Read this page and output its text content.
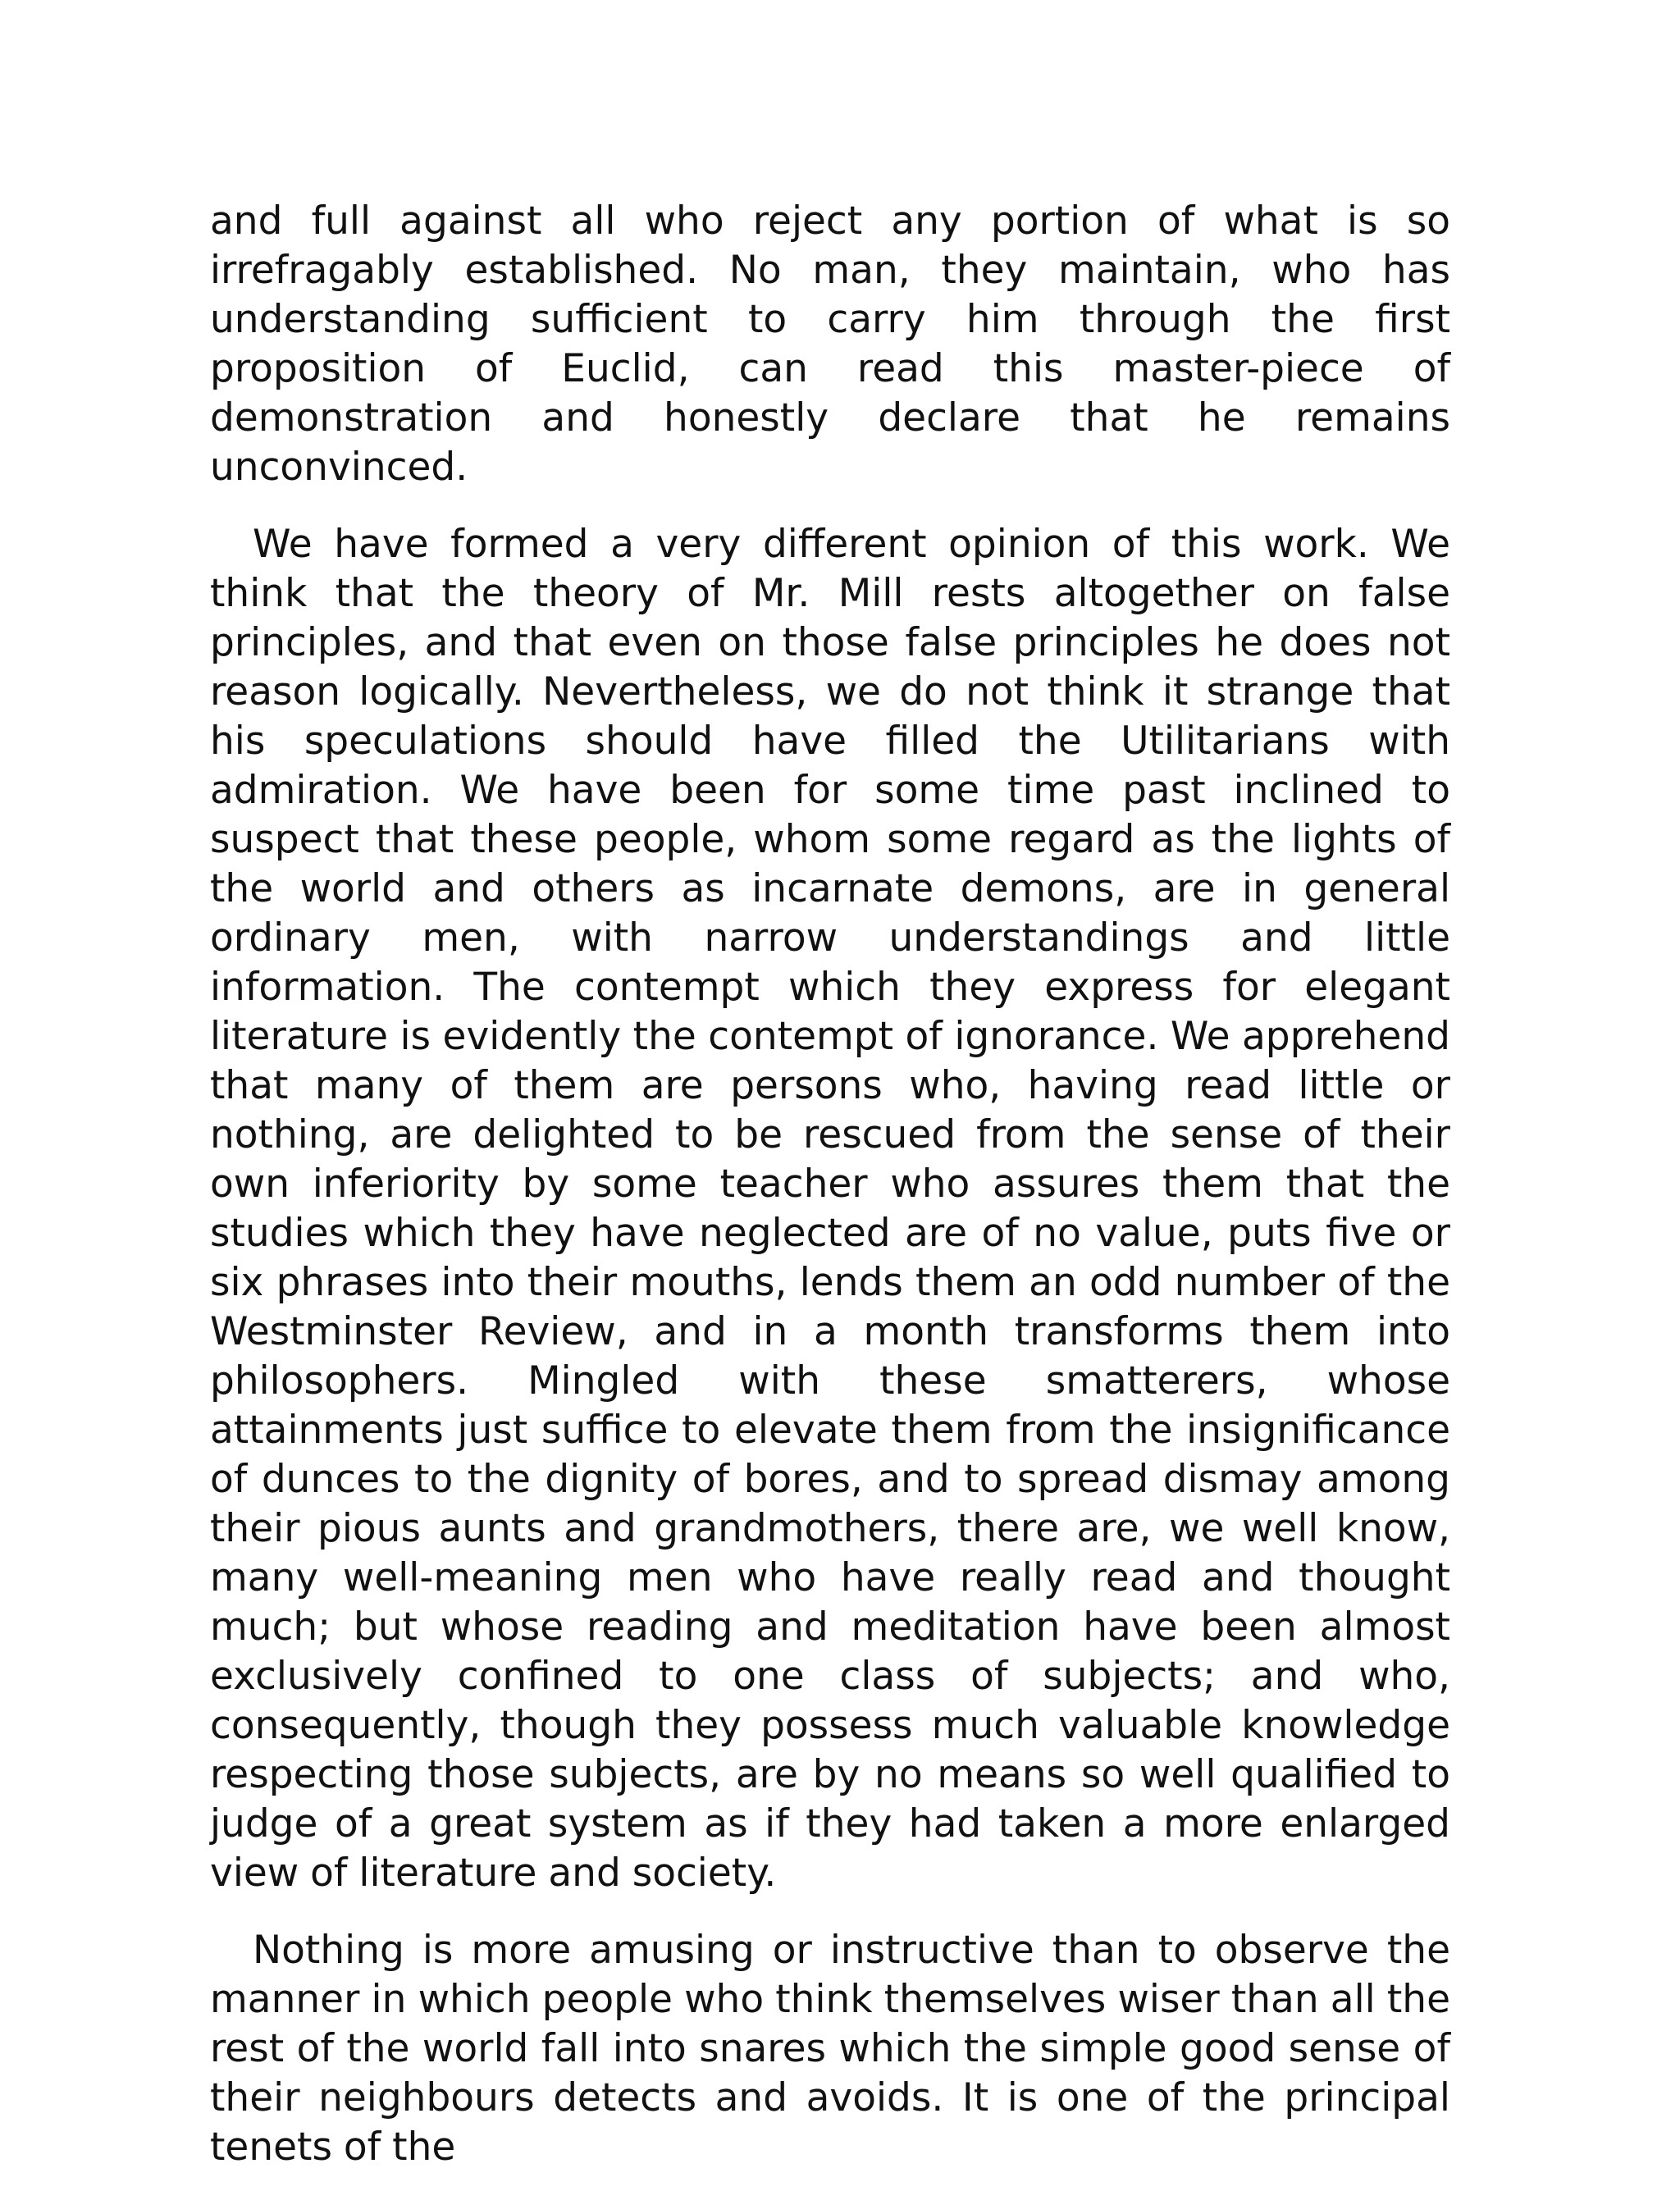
and full against all who reject any portion of what is so irrefragably established. No man, they maintain, who has understanding sufficient to carry him through the first proposition of Euclid, can read this master-piece of demonstration and honestly declare that he remains unconvinced.

We have formed a very different opinion of this work. We think that the theory of Mr. Mill rests altogether on false principles, and that even on those false principles he does not reason logically. Nevertheless, we do not think it strange that his speculations should have filled the Utilitarians with admiration. We have been for some time past inclined to suspect that these people, whom some regard as the lights of the world and others as incarnate demons, are in general ordinary men, with narrow understandings and little information. The contempt which they express for elegant literature is evidently the contempt of ignorance. We apprehend that many of them are persons who, having read little or nothing, are delighted to be rescued from the sense of their own inferiority by some teacher who assures them that the studies which they have neglected are of no value, puts five or six phrases into their mouths, lends them an odd number of the Westminster Review, and in a month transforms them into philosophers. Mingled with these smatterers, whose attainments just suffice to elevate them from the insignificance of dunces to the dignity of bores, and to spread dismay among their pious aunts and grandmothers, there are, we well know, many well-meaning men who have really read and thought much; but whose reading and meditation have been almost exclusively confined to one class of subjects; and who, consequently, though they possess much valuable knowledge respecting those subjects, are by no means so well qualified to judge of a great system as if they had taken a more enlarged view of literature and society.

Nothing is more amusing or instructive than to observe the manner in which people who think themselves wiser than all the rest of the world fall into snares which the simple good sense of their neighbours detects and avoids. It is one of the principal tenets of the
